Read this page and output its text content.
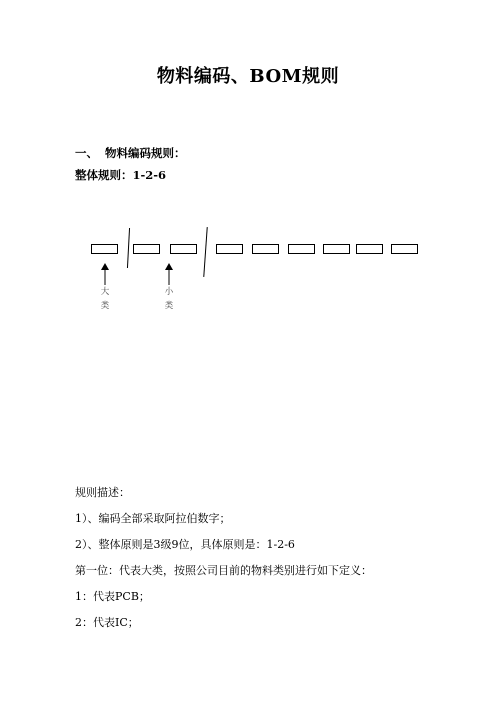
物料编码、BOM规则
一、 物料编码规则：
整体规则：1-2-6
大
类
小
类
规则描述：
1）、编码全部采取阿拉伯数字；
2）、整体原则是3级9位，具体原则是：1-2-6
第一位：代表大类，按照公司目前的物料类别进行如下定义：
1：代表PCB；
2：代表IC；
